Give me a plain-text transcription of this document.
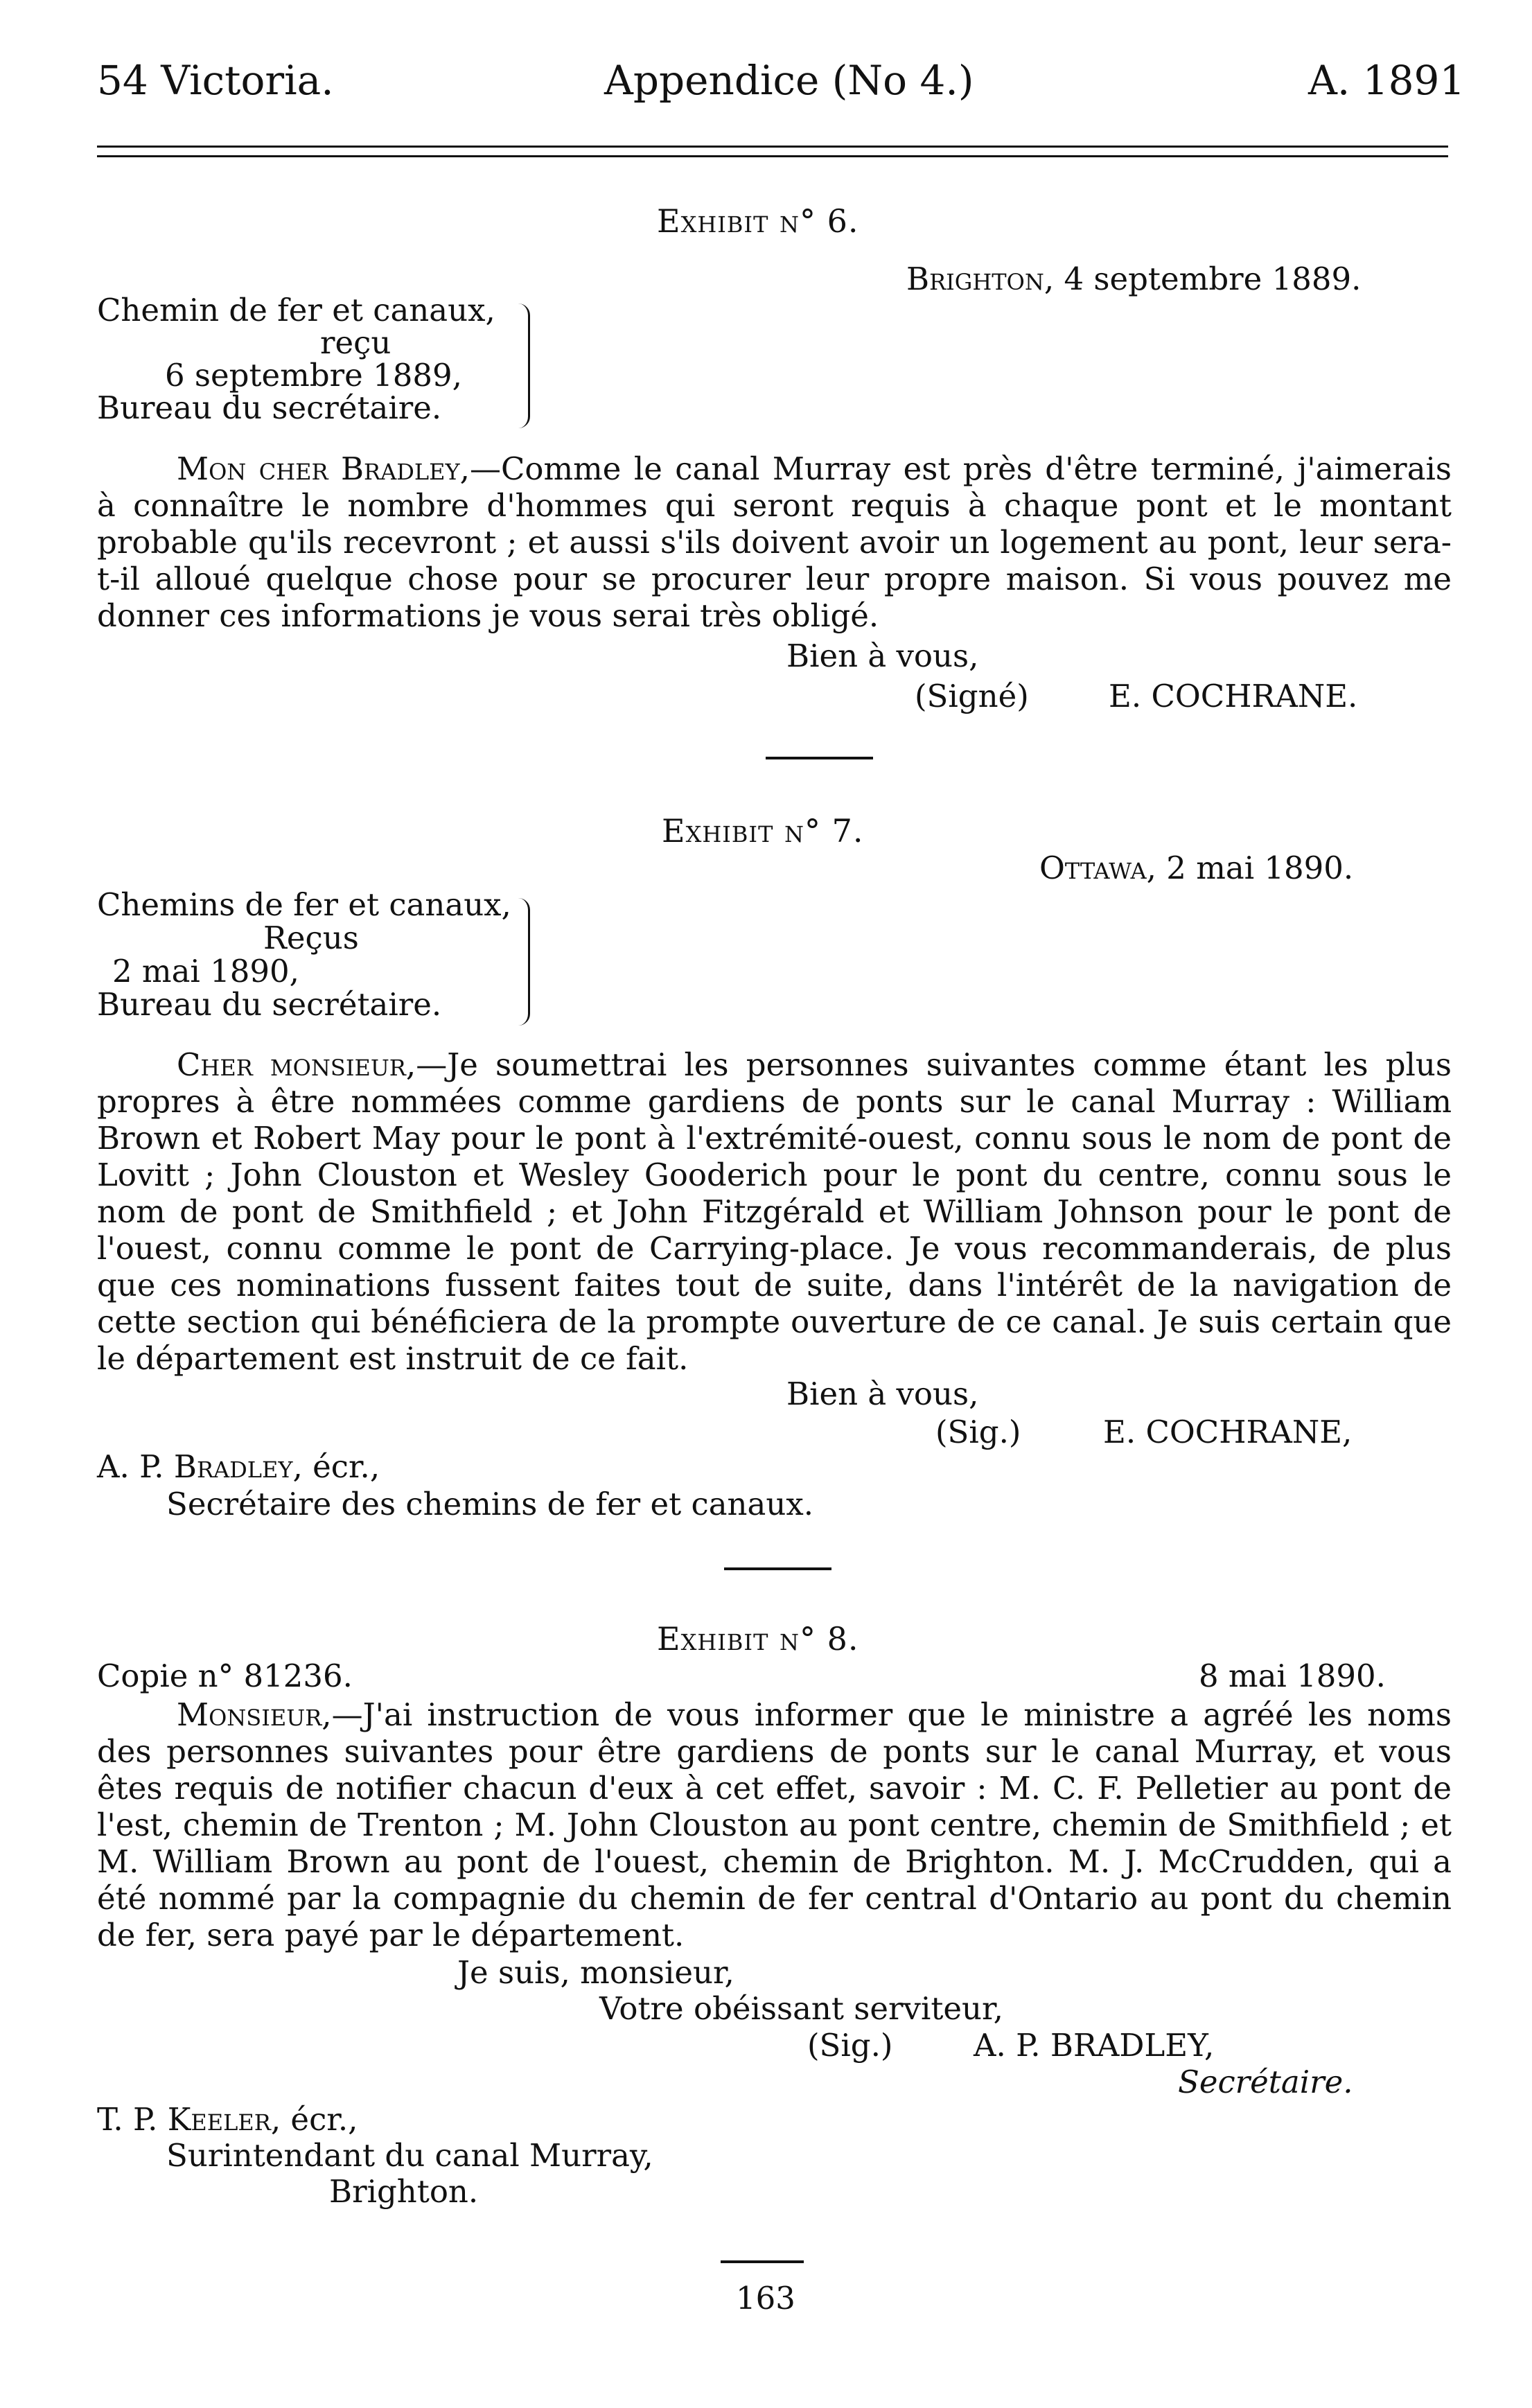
54 Victoria.	Appendice (No 4.)	A. 1891
Exhibit n° 6.
Brighton, 4 septembre 1889.
Chemin de fer et canaux,
reçu
6 septembre 1889,
Bureau du secrétaire.
Mon cher Bradley,—Comme le canal Murray est près d'être terminé, j'aimerais à connaître le nombre d'hommes qui seront requis à chaque pont et le montant probable qu'ils recevront ; et aussi s'ils doivent avoir un logement au pont, leur sera-t-il alloué quelque chose pour se procurer leur propre maison. Si vous pouvez me donner ces informations je vous serai très obligé.
Bien à vous,
(Signé)	E. COCHRANE.
Exhibit n° 7.
Ottawa, 2 mai 1890.
Chemins de fer et canaux,
Reçus
2 mai 1890,
Bureau du secrétaire.
Cher monsieur,—Je soumettrai les personnes suivantes comme étant les plus propres à être nommées comme gardiens de ponts sur le canal Murray : William Brown et Robert May pour le pont à l'extrémité-ouest, connu sous le nom de pont de Lovitt ; John Clouston et Wesley Gooderich pour le pont du centre, connu sous le nom de pont de Smithfield ; et John Fitzgérald et William Johnson pour le pont de l'ouest, connu comme le pont de Carrying-place. Je vous recommanderais, de plus que ces nominations fussent faites tout de suite, dans l'intérêt de la navigation de cette section qui bénéficiera de la prompte ouverture de ce canal. Je suis certain que le département est instruit de ce fait.
Bien à vous,
(Sig.)	E. COCHRANE,
A. P. Bradley, écr.,
Secrétaire des chemins de fer et canaux.
Exhibit n° 8.
Copie n° 81236.	8 mai 1890.
Monsieur,—J'ai instruction de vous informer que le ministre a agréé les noms des personnes suivantes pour être gardiens de ponts sur le canal Murray, et vous êtes requis de notifier chacun d'eux à cet effet, savoir : M. C. F. Pelletier au pont de l'est, chemin de Trenton ; M. John Clouston au pont centre, chemin de Smithfield ; et M. William Brown au pont de l'ouest, chemin de Brighton. M. J. McCrudden, qui a été nommé par la compagnie du chemin de fer central d'Ontario au pont du chemin de fer, sera payé par le département.
Je suis, monsieur,
Votre obéissant serviteur,
(Sig.)	A. P. BRADLEY,
Secrétaire.
T. P. Keeler, écr.,
Surintendant du canal Murray,
Brighton.
163
